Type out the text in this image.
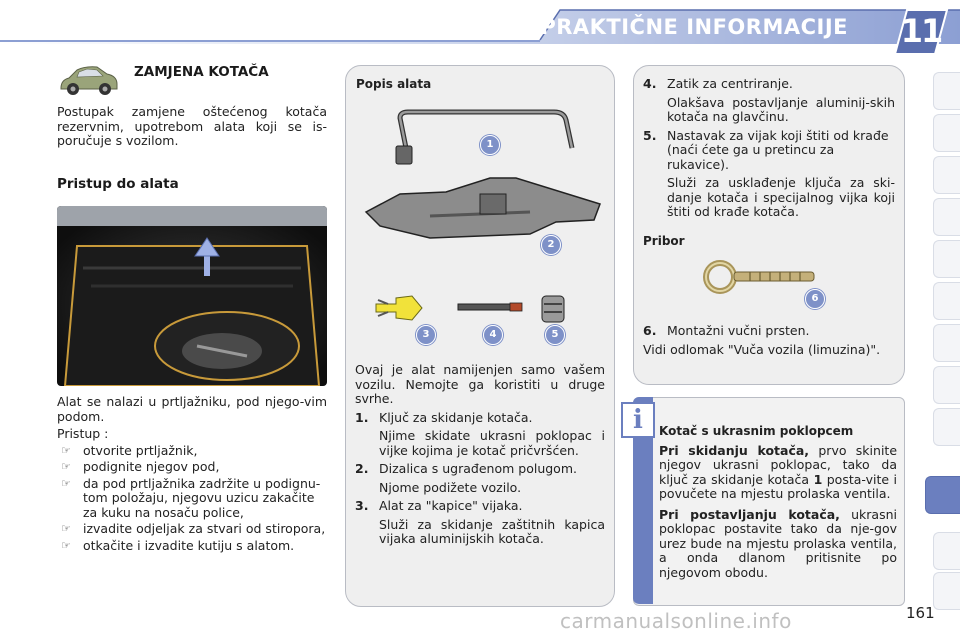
PRAKTIČNE INFORMACIJE 11
ZAMJENA KOTAČA

Postupak zamjene oštećenog kotača rezervnim, upotrebom alata koji se is-poručuje s vozilom.

Pristup do alata

Alat se nalazi u prtljažniku, pod njego-vim podom.

Pristup :
☞ otvorite prtljažnik,
☞ podignite njegov pod,
☞ da pod prtljažnika zadržite u podignu-tom položaju, njegovu uzicu zakačite za kuku na nosaču police,
☞ izvadite odjeljak za stvari od stiropora,
☞ otkačite i izvadite kutiju s alatom.
Popis alata
1
2
3	4	5

Ovaj je alat namijenjen samo vašem vozilu. Nemojte ga koristiti u druge svrhe.

1. Ključ za skidanje kotača.
Njime skidate ukrasni poklopac i vijke kojima je kotač pričvršćen.
2. Dizalica s ugrađenom polugom.
Njome podižete vozilo.
3. Alat za "kapice" vijaka.
Služi za skidanje zaštitnih kapica vijaka aluminijskih kotača.
4. Zatik za centriranje.
Olakšava postavljanje aluminij-skih kotača na glavčinu.
5. Nastavak za vijak koji štiti od krađe (naći ćete ga u pretincu za rukavice).
Služi za usklađenje ključa za ski-danje kotača i specijalnog vijka koji štiti od krađe kotača.
Pribor
6
6. Montažni vučni prsten.
Vidi odlomak "Vuča vozila (limuzina)".
i	Kotač s ukrasnim poklopcem

Pri skidanju kotača, prvo skinite njegov ukrasni poklopac, tako da ključ za skidanje kotača 1 posta-vite i povučete na mjestu prolaska ventila.

Pri postavljanju kotača, ukrasni poklopac postavite tako da nje-gov urez bude na mjestu prolaska ventila, a onda dlanom pritisnite po njegovom obodu.

carmanualsonline.info	161
